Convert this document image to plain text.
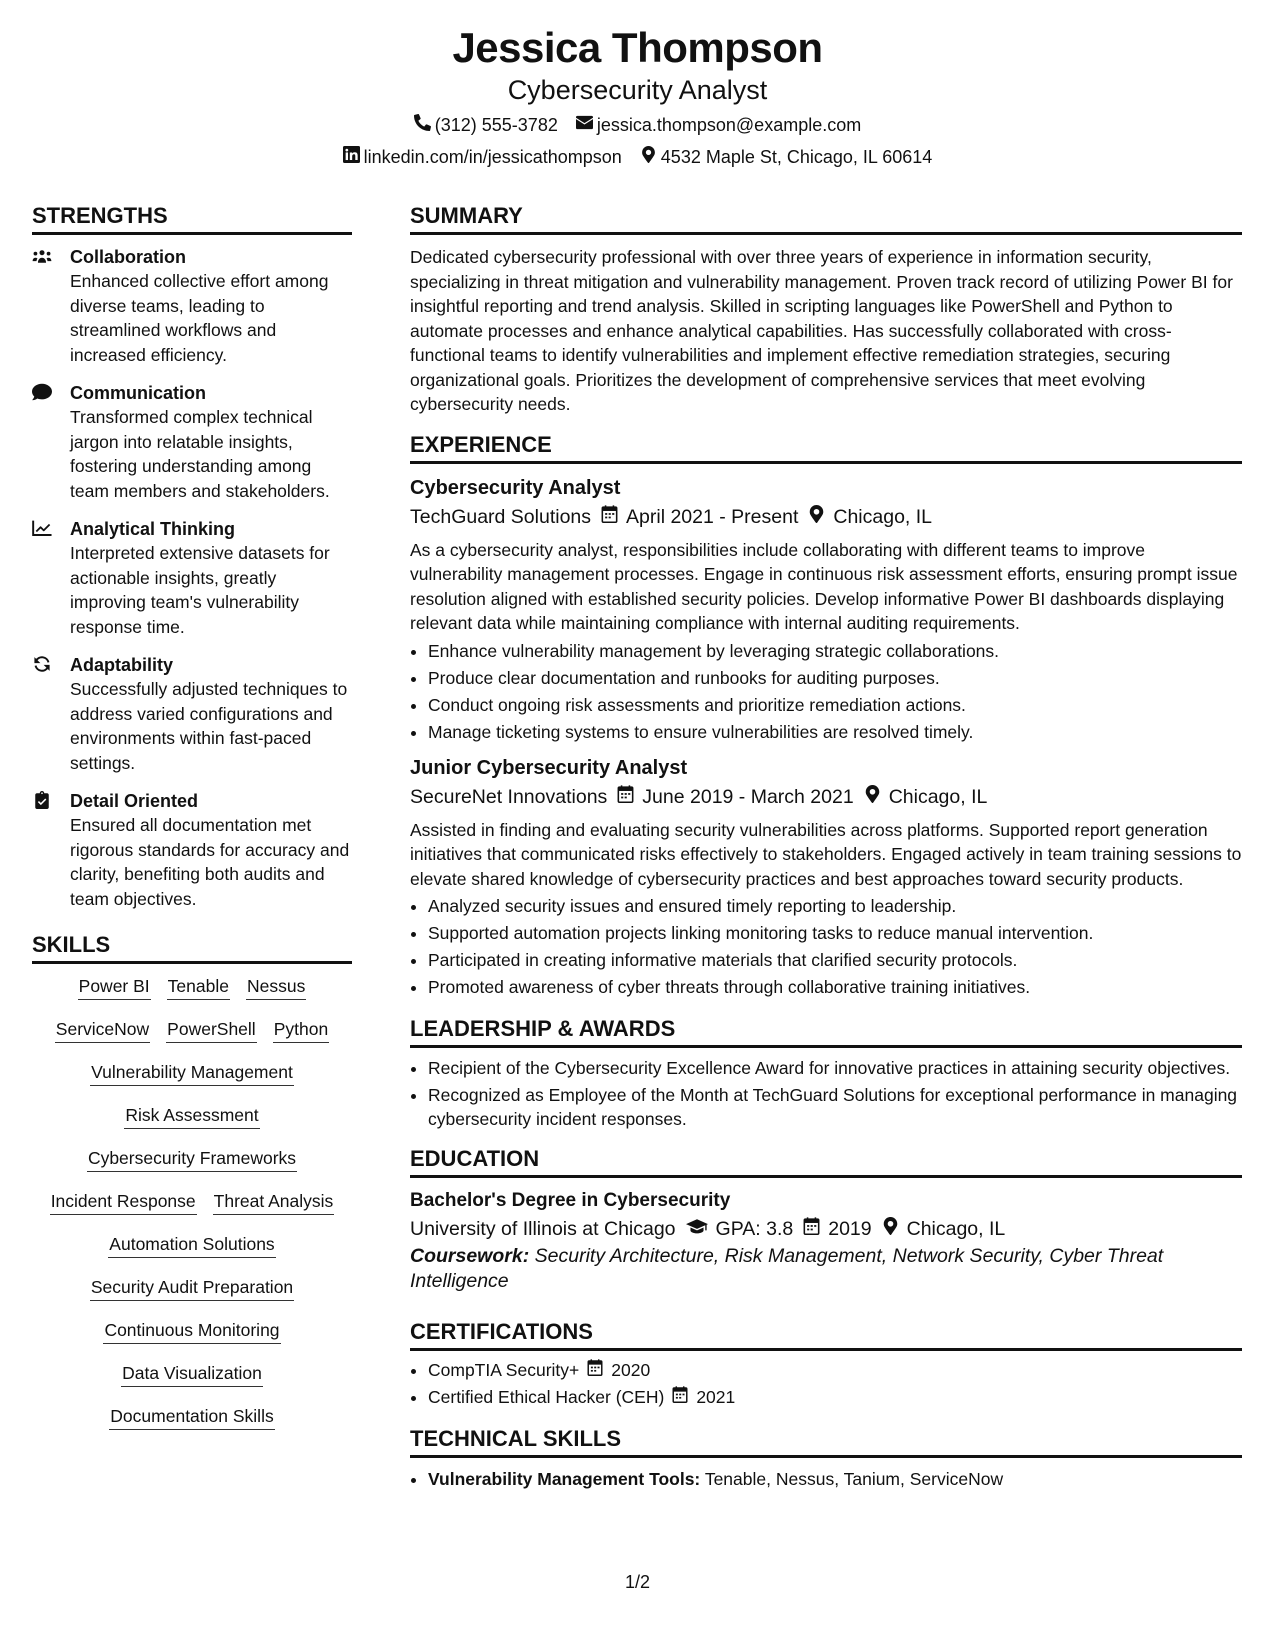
Jessica Thompson
Cybersecurity Analyst
(312) 555-3782 jessica.thompson@example.com
linkedin.com/in/jessicathompson 4532 Maple St, Chicago, IL 60614
STRENGTHS
Collaboration
Enhanced collective effort among diverse teams, leading to streamlined workflows and increased efficiency.
Communication
Transformed complex technical jargon into relatable insights, fostering understanding among team members and stakeholders.
Analytical Thinking
Interpreted extensive datasets for actionable insights, greatly improving team's vulnerability response time.
Adaptability
Successfully adjusted techniques to address varied configurations and environments within fast-paced settings.
Detail Oriented
Ensured all documentation met rigorous standards for accuracy and clarity, benefiting both audits and team objectives.
SKILLS
Power BI Tenable Nessus
ServiceNow PowerShell Python
Vulnerability Management
Risk Assessment
Cybersecurity Frameworks
Incident Response Threat Analysis
Automation Solutions
Security Audit Preparation
Continuous Monitoring
Data Visualization
Documentation Skills
SUMMARY
Dedicated cybersecurity professional with over three years of experience in information security, specializing in threat mitigation and vulnerability management. Proven track record of utilizing Power BI for insightful reporting and trend analysis. Skilled in scripting languages like PowerShell and Python to automate processes and enhance analytical capabilities. Has successfully collaborated with cross-functional teams to identify vulnerabilities and implement effective remediation strategies, securing organizational goals. Prioritizes the development of comprehensive services that meet evolving cybersecurity needs.
EXPERIENCE
Cybersecurity Analyst
TechGuard Solutions April 2021 - Present Chicago, IL
As a cybersecurity analyst, responsibilities include collaborating with different teams to improve vulnerability management processes. Engage in continuous risk assessment efforts, ensuring prompt issue resolution aligned with established security policies. Develop informative Power BI dashboards displaying relevant data while maintaining compliance with internal auditing requirements.
• Enhance vulnerability management by leveraging strategic collaborations.
• Produce clear documentation and runbooks for auditing purposes.
• Conduct ongoing risk assessments and prioritize remediation actions.
• Manage ticketing systems to ensure vulnerabilities are resolved timely.
Junior Cybersecurity Analyst
SecureNet Innovations June 2019 - March 2021 Chicago, IL
Assisted in finding and evaluating security vulnerabilities across platforms. Supported report generation initiatives that communicated risks effectively to stakeholders. Engaged actively in team training sessions to elevate shared knowledge of cybersecurity practices and best approaches toward security products.
• Analyzed security issues and ensured timely reporting to leadership.
• Supported automation projects linking monitoring tasks to reduce manual intervention.
• Participated in creating informative materials that clarified security protocols.
• Promoted awareness of cyber threats through collaborative training initiatives.
LEADERSHIP & AWARDS
• Recipient of the Cybersecurity Excellence Award for innovative practices in attaining security objectives.
• Recognized as Employee of the Month at TechGuard Solutions for exceptional performance in managing cybersecurity incident responses.
EDUCATION
Bachelor's Degree in Cybersecurity
University of Illinois at Chicago GPA: 3.8 2019 Chicago, IL
Coursework: Security Architecture, Risk Management, Network Security, Cyber Threat Intelligence
CERTIFICATIONS
• CompTIA Security+ 2020
• Certified Ethical Hacker (CEH) 2021
TECHNICAL SKILLS
• Vulnerability Management Tools: Tenable, Nessus, Tanium, ServiceNow
1/2
